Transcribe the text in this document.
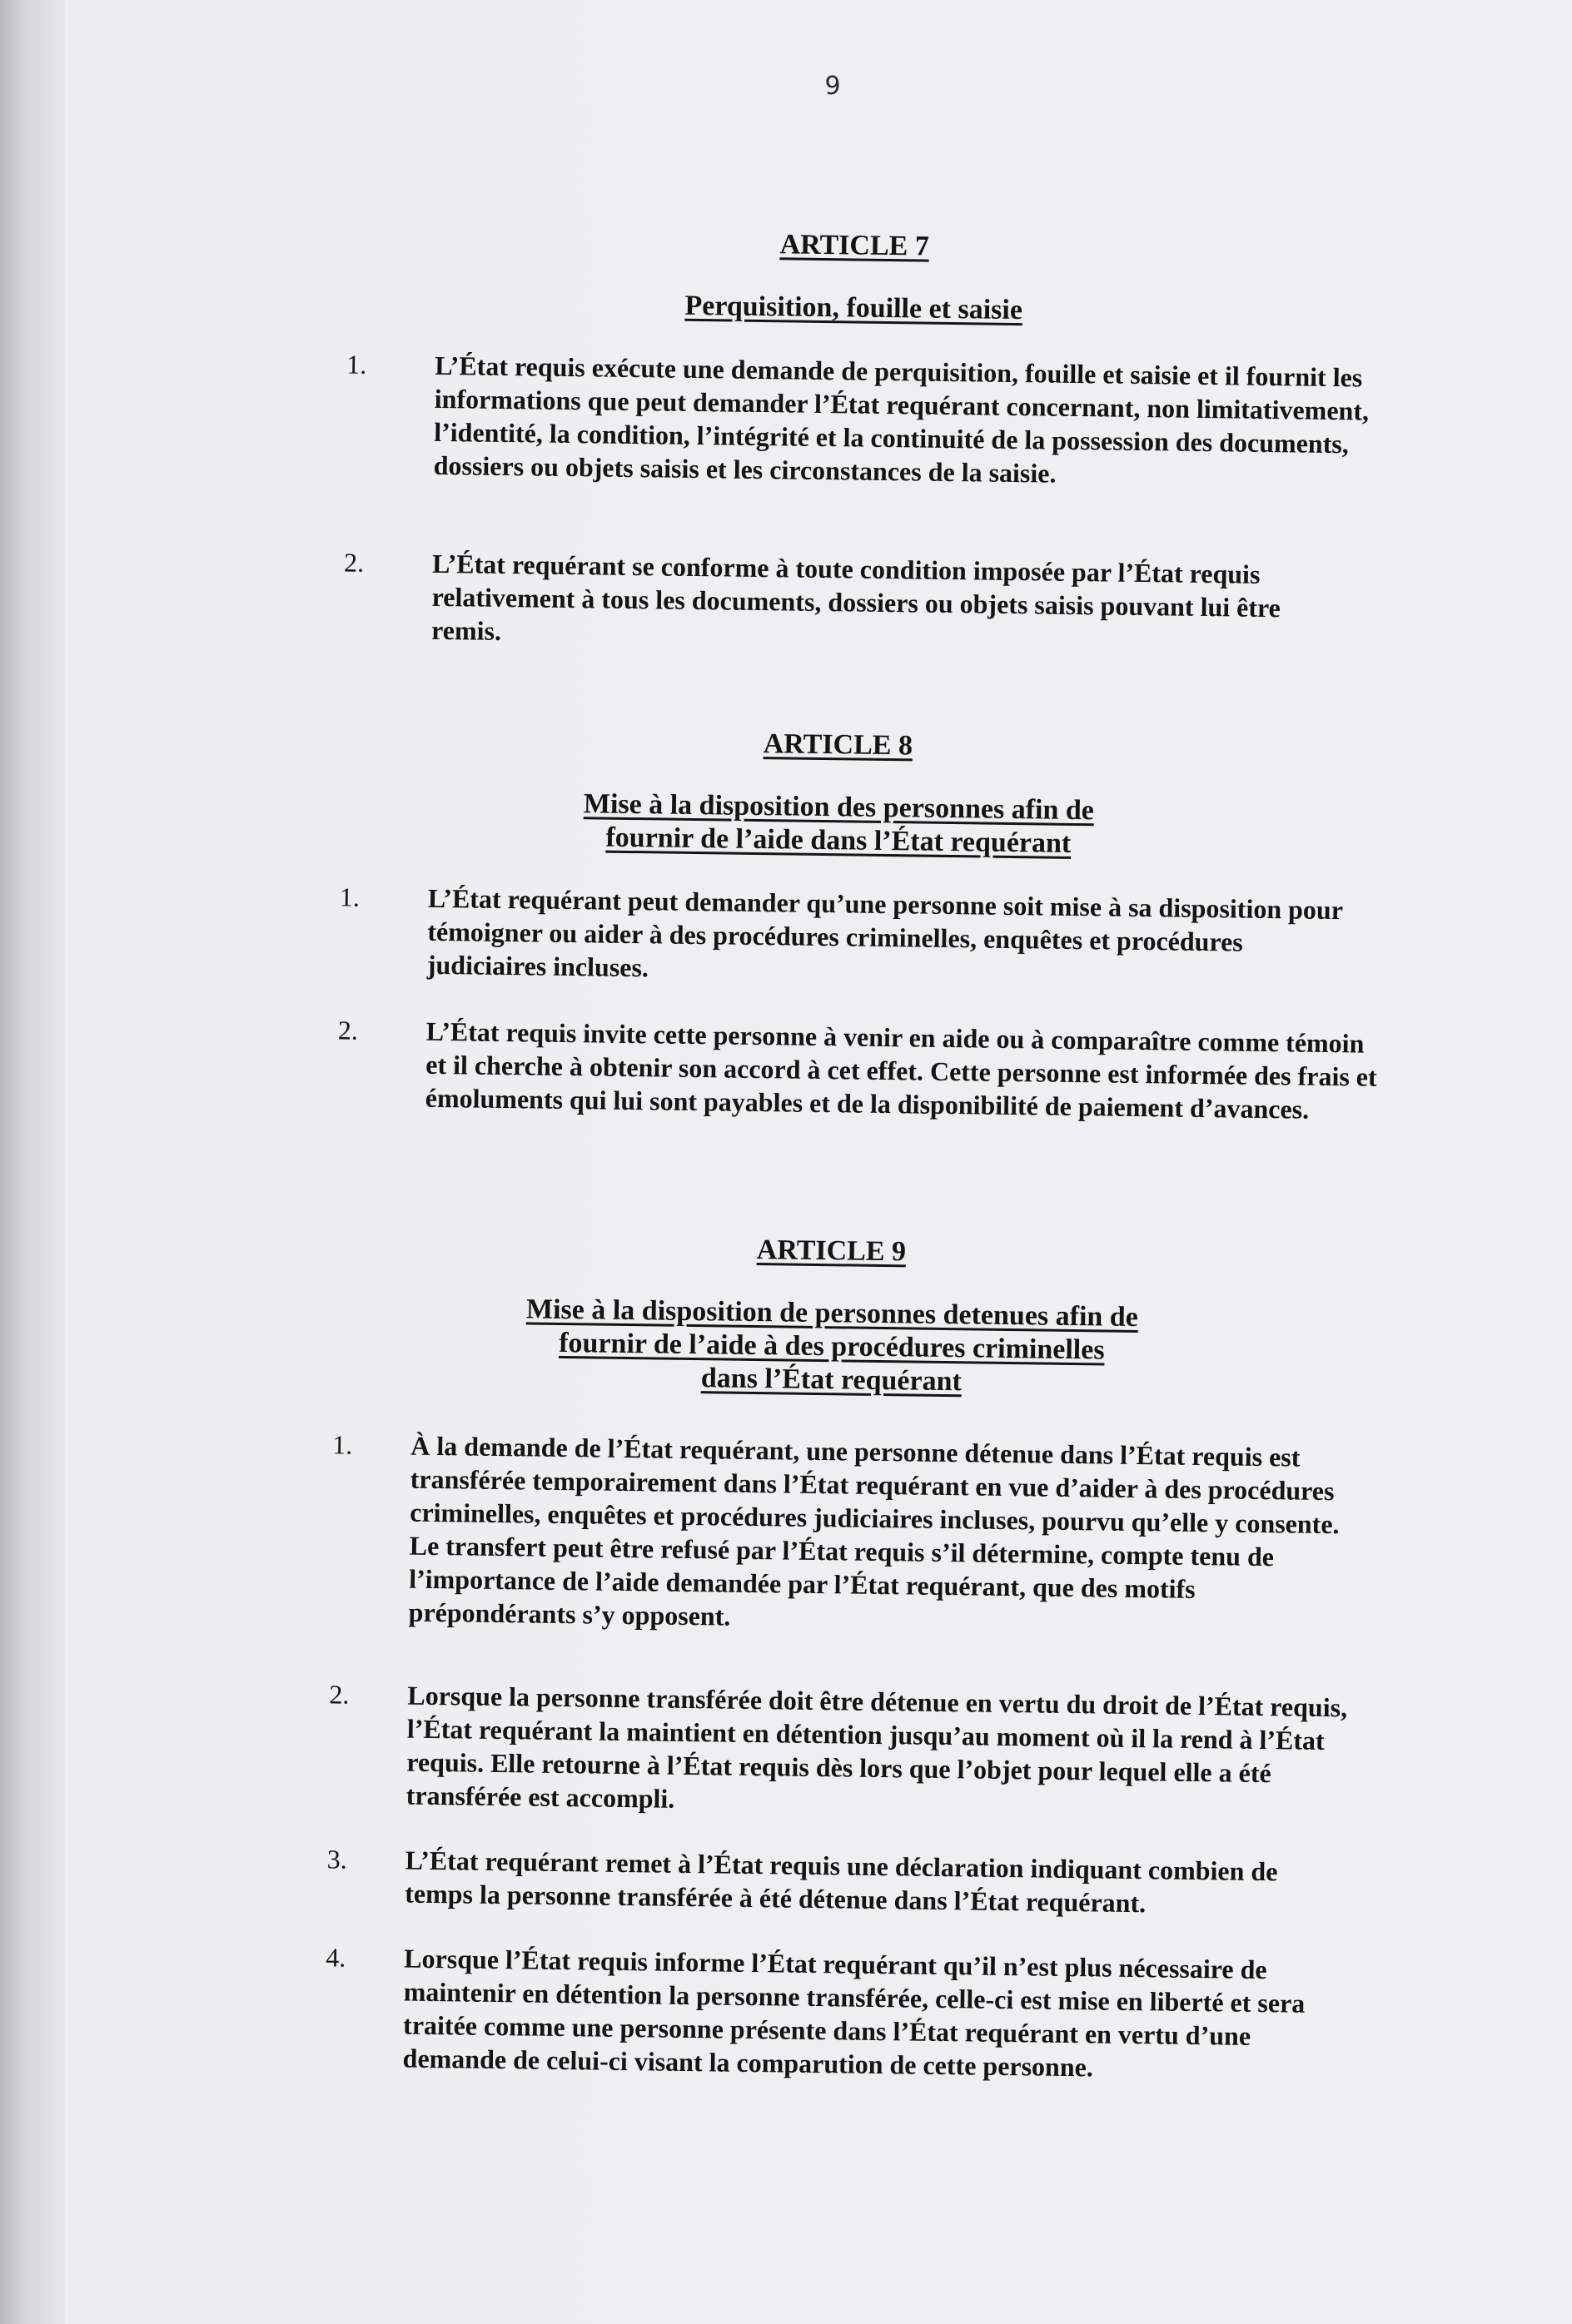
9
ARTICLE 7
Perquisition, fouille et saisie
1.	L’État requis exécute une demande de perquisition, fouille et saisie et il fournit les informations que peut demander l’État requérant concernant, non limitativement, l’identité, la condition, l’intégrité et la continuité de la possession des documents, dossiers ou objets saisis et les circonstances de la saisie.
2.	L’État requérant se conforme à toute condition imposée par l’État requis relativement à tous les documents, dossiers ou objets saisis pouvant lui être remis.
ARTICLE 8
Mise à la disposition des personnes afin de
fournir de l’aide dans l’État requérant
1.	L’État requérant peut demander qu’une personne soit mise à sa disposition pour témoigner ou aider à des procédures criminelles, enquêtes et procédures judiciaires incluses.
2.	L’État requis invite cette personne à venir en aide ou à comparaître comme témoin et il cherche à obtenir son accord à cet effet. Cette personne est informée des frais et émoluments qui lui sont payables et de la disponibilité de paiement d’avances.
ARTICLE 9
Mise à la disposition de personnes detenues afin de
fournir de l’aide à des procédures criminelles
dans l’État requérant
1. À la demande de l’État requérant, une personne détenue dans l’État requis est transférée temporairement dans l’État requérant en vue d’aider à des procédures criminelles, enquêtes et procédures judiciaires incluses, pourvu qu’elle y consente. Le transfert peut être refusé par l’État requis s’il détermine, compte tenu de l’importance de l’aide demandée par l’État requérant, que des motifs prépondérants s’y opposent.
2. Lorsque la personne transférée doit être détenue en vertu du droit de l’État requis, l’État requérant la maintient en détention jusqu’au moment où il la rend à l’État requis. Elle retourne à l’État requis dès lors que l’objet pour lequel elle a été transférée est accompli.
3. L’État requérant remet à l’État requis une déclaration indiquant combien de temps la personne transférée à été détenue dans l’État requérant.
4. Lorsque l’État requis informe l’État requérant qu’il n’est plus nécessaire de maintenir en détention la personne transférée, celle-ci est mise en liberté et sera traitée comme une personne présente dans l’État requérant en vertu d’une demande de celui-ci visant la comparution de cette personne.
